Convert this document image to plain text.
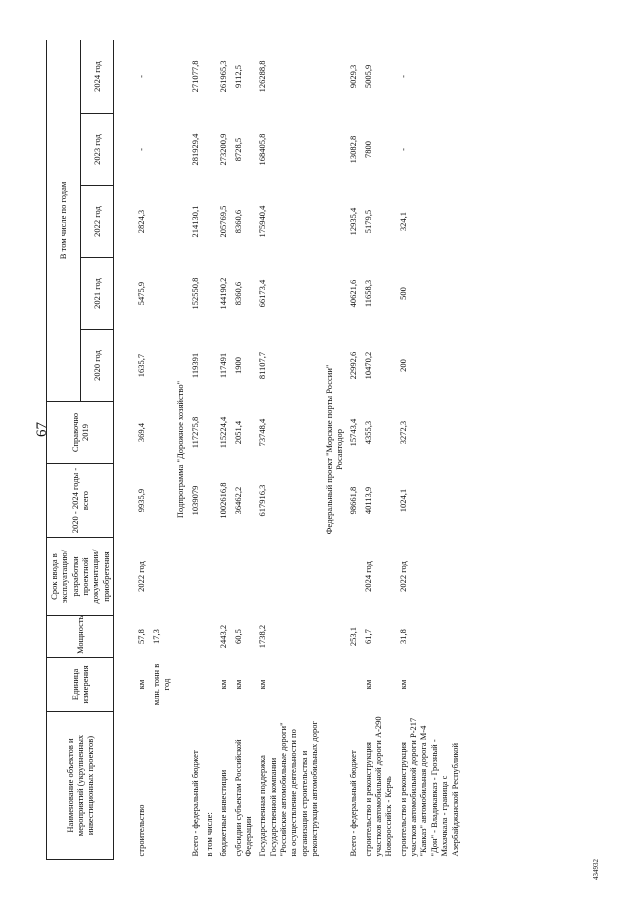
67
434932
Наименование объектов и мероприятий (укрупненных инвестиционных проектов)	Единица измерения	Мощность	Срок ввода в эксплуатацию/ разработки проектной документации/ приобретения	2020 - 2024 годы - всего	Справочно 2019	В том числе по годам				
						2020 год	2021 год	2022 год	2023 год	2024 год

строительство	км	57,8	2022 год	9935,9	369,4	1635,7	5475,9	2824,3	-	-
	млн. тонн в год	17,3								
Подпрограмма "Дорожное хозяйство"										
Всего - федеральный бюджет				1039079	117275,8	119391	152550,8	214130,1	281929,4	271077,8
в том числе:										
бюджетные инвестиции	км	2443,2		1002616,8	115224,4	117491	144190,2	205769,5	273200,9	261965,3
субсидии субъектам Российской Федерации	км	60,5		36462,2	2051,4	1900	8360,6	8360,6	8728,5	9112,5
Государственная поддержка Государственной компании "Российские автомобильные дороги" на осуществление деятельности по организации строительства и реконструкции автомобильных дорог	км	1738,2		617916,3	73748,4	81107,7	66173,4	175940,4	168405,8	126288,8

Федеральный проект "Морские порты России" Росавтодор										

Всего - федеральный бюджет		253,1		98661,8	15743,4	22992,6	40621,6	12935,4	13082,8	9029,3
строительство и реконструкция участков автомобильной дороги А-290 Новороссийск - Керчь	км	61,7	2024 год	40113,9	4355,3	10470,2	11658,3	5179,5	7800	5005,9
строительство и реконструкция участков автомобильной дороги Р-217 "Кавказ" автомобильная дорога М-4 "Дон" - Владикавказ - Грозный - Махачкала - граница с Азербайджанской Республикой	км	31,8	2022 год	1024,1	3272,3	200	500	324,1	-	-
